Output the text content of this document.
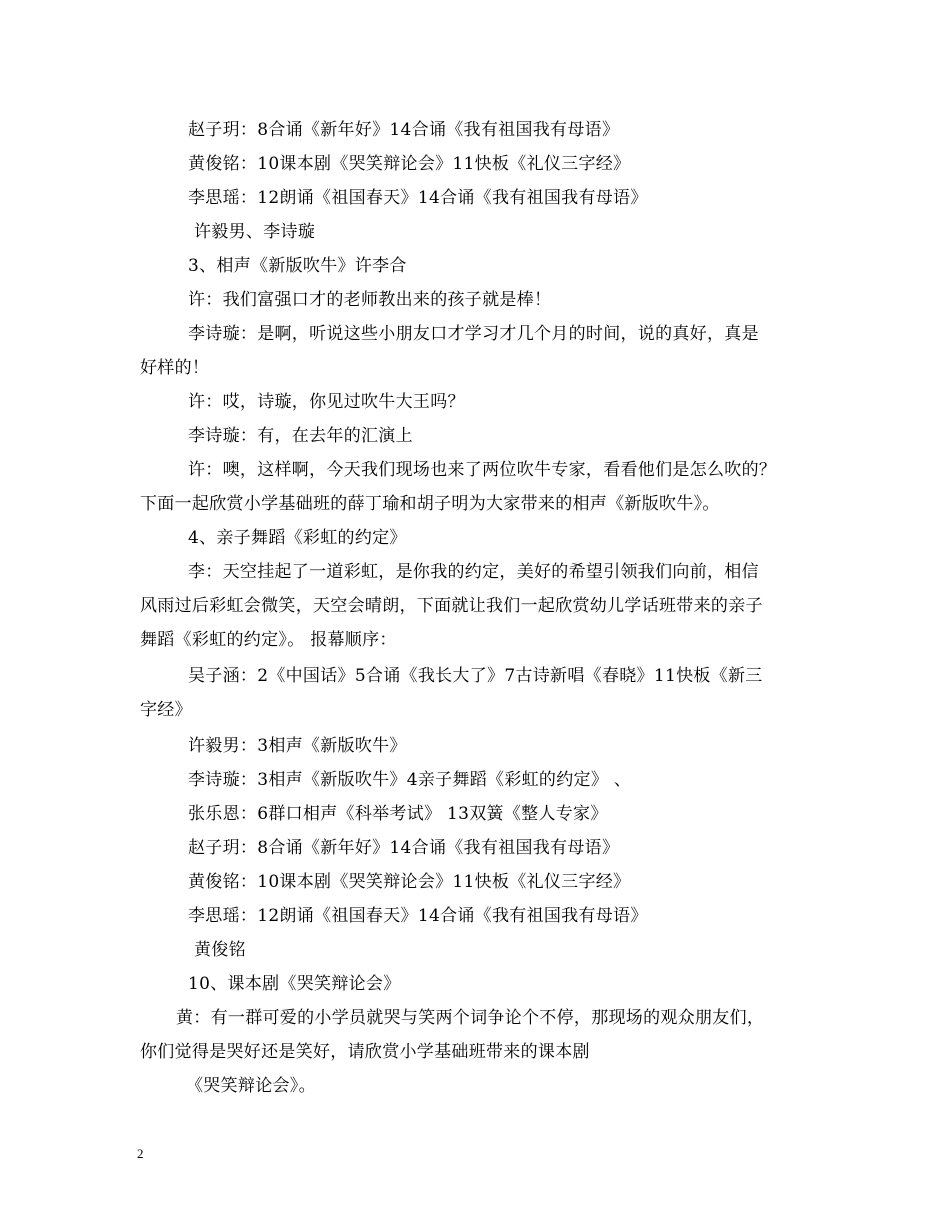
赵子玥：8合诵《新年好》14合诵《我有祖国我有母语》
黄俊铭：10课本剧《哭笑辩论会》11快板《礼仪三字经》
李思瑶：12朗诵《祖国春天》14合诵《我有祖国我有母语》
许毅男、李诗璇
3、相声《新版吹牛》许李合
许：我们富强口才的老师教出来的孩子就是棒！
李诗璇：是啊，听说这些小朋友口才学习才几个月的时间，说的真好，真是
好样的！
许：哎，诗璇，你见过吹牛大王吗？
李诗璇：有，在去年的汇演上
许：噢，这样啊，今天我们现场也来了两位吹牛专家，看看他们是怎么吹的？
下面一起欣赏小学基础班的薛丁瑜和胡子明为大家带来的相声《新版吹牛》。
4、亲子舞蹈《彩虹的约定》
李：天空挂起了一道彩虹，是你我的约定，美好的希望引领我们向前，相信
风雨过后彩虹会微笑，天空会晴朗，下面就让我们一起欣赏幼儿学话班带来的亲子
舞蹈《彩虹的约定》。 报幕顺序：
吴子涵：2《中国话》5合诵《我长大了》7古诗新唱《春晓》11快板《新三
字经》
许毅男：3相声《新版吹牛》
李诗璇：3相声《新版吹牛》4亲子舞蹈《彩虹的约定》 、
张乐恩：6群口相声《科举考试》 13双簧《整人专家》
赵子玥：8合诵《新年好》14合诵《我有祖国我有母语》
黄俊铭：10课本剧《哭笑辩论会》11快板《礼仪三字经》
李思瑶：12朗诵《祖国春天》14合诵《我有祖国我有母语》
黄俊铭
10、课本剧《哭笑辩论会》
黄：有一群可爱的小学员就哭与笑两个词争论个不停，那现场的观众朋友们，
你们觉得是哭好还是笑好，请欣赏小学基础班带来的课本剧
《哭笑辩论会》。
2
